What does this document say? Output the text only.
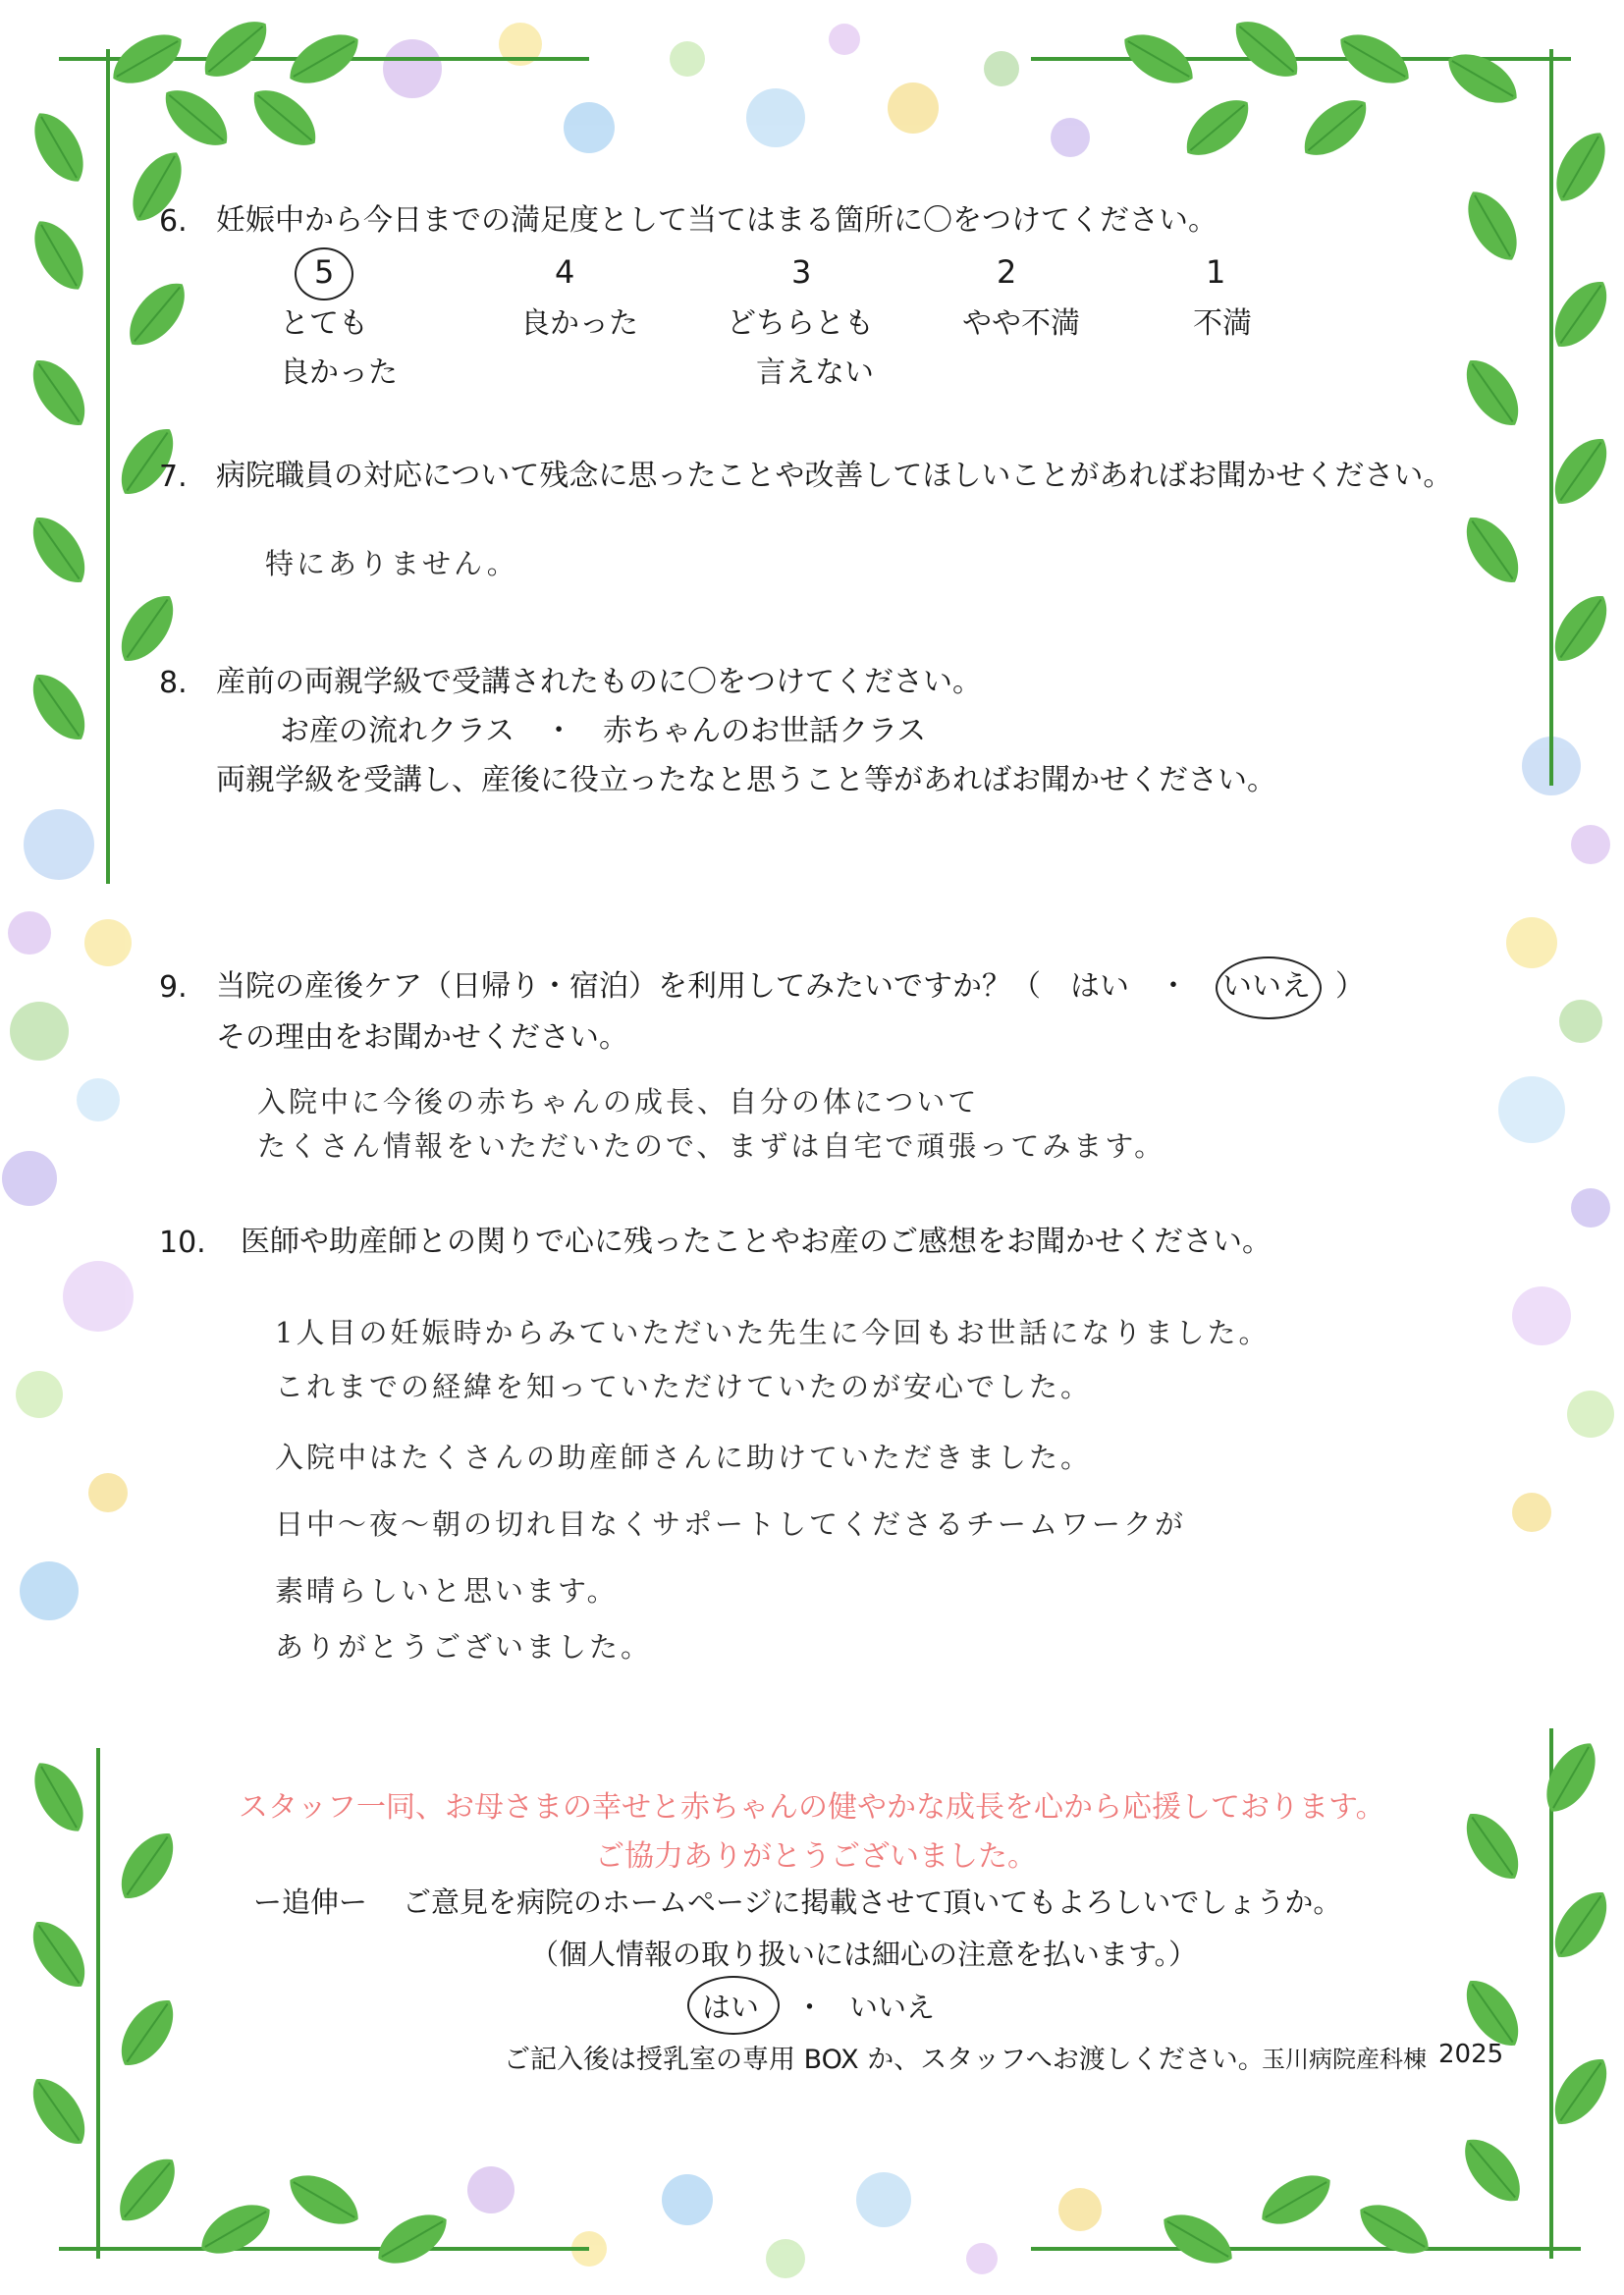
6. 妊娠中から今日までの満足度として当てはまる箇所に〇をつけてください。
5
とても
良かった
4
良かった
3
どちらとも
言えない
2
やや不満
1
不満
7. 病院職員の対応について残念に思ったことや改善してほしいことがあればお聞かせください。
特にありません。
8. 産前の両親学級で受講されたものに〇をつけてください。
お産の流れクラス　・　赤ちゃんのお世話クラス
両親学級を受講し、産後に役立ったなと思うこと等があればお聞かせください。
9. 当院の産後ケア（日帰り・宿泊）を利用してみたいですか？（　はい　・ いいえ ）
その理由をお聞かせください。
入院中に今後の赤ちゃんの成長、自分の体について
たくさん情報をいただいたので、まずは自宅で頑張ってみます。
10. 医師や助産師との関りで心に残ったことやお産のご感想をお聞かせください。
1人目の妊娠時からみていただいた先生に今回もお世話になりました。
これまでの経緯を知っていただけていたのが安心でした。
入院中はたくさんの助産師さんに助けていただきました。
日中〜夜〜朝の切れ目なくサポートしてくださるチームワークが
素晴らしいと思います。
ありがとうございました。
スタッフ一同、お母さまの幸せと赤ちゃんの健やかな成長を心から応援しております。
ご協力ありがとうございました。
ー追伸ー ご意見を病院のホームページに掲載させて頂いてもよろしいでしょうか。
（個人情報の取り扱いには細心の注意を払います。）
はい ・ いいえ
ご記入後は授乳室の専用 BOX か、スタッフへお渡しください。
玉川病院産科棟 2025
